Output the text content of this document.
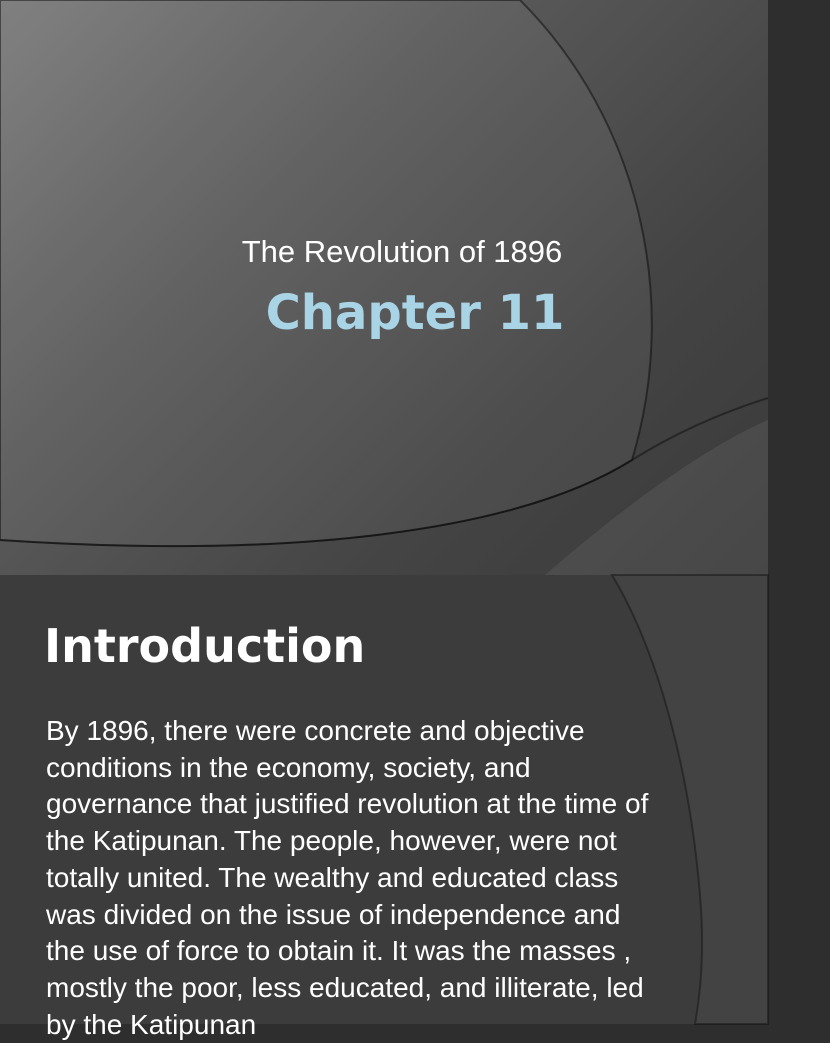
The Revolution of 1896

Chapter 11
Introduction

By 1896, there were concrete and objective conditions in the economy, society, and governance that justified revolution at the time of the Katipunan. The people, however, were not totally united. The wealthy and educated class was divided on the issue of independence and the use of force to obtain it. It was the masses , mostly the poor, less educated, and illiterate, led by the Katipunan
